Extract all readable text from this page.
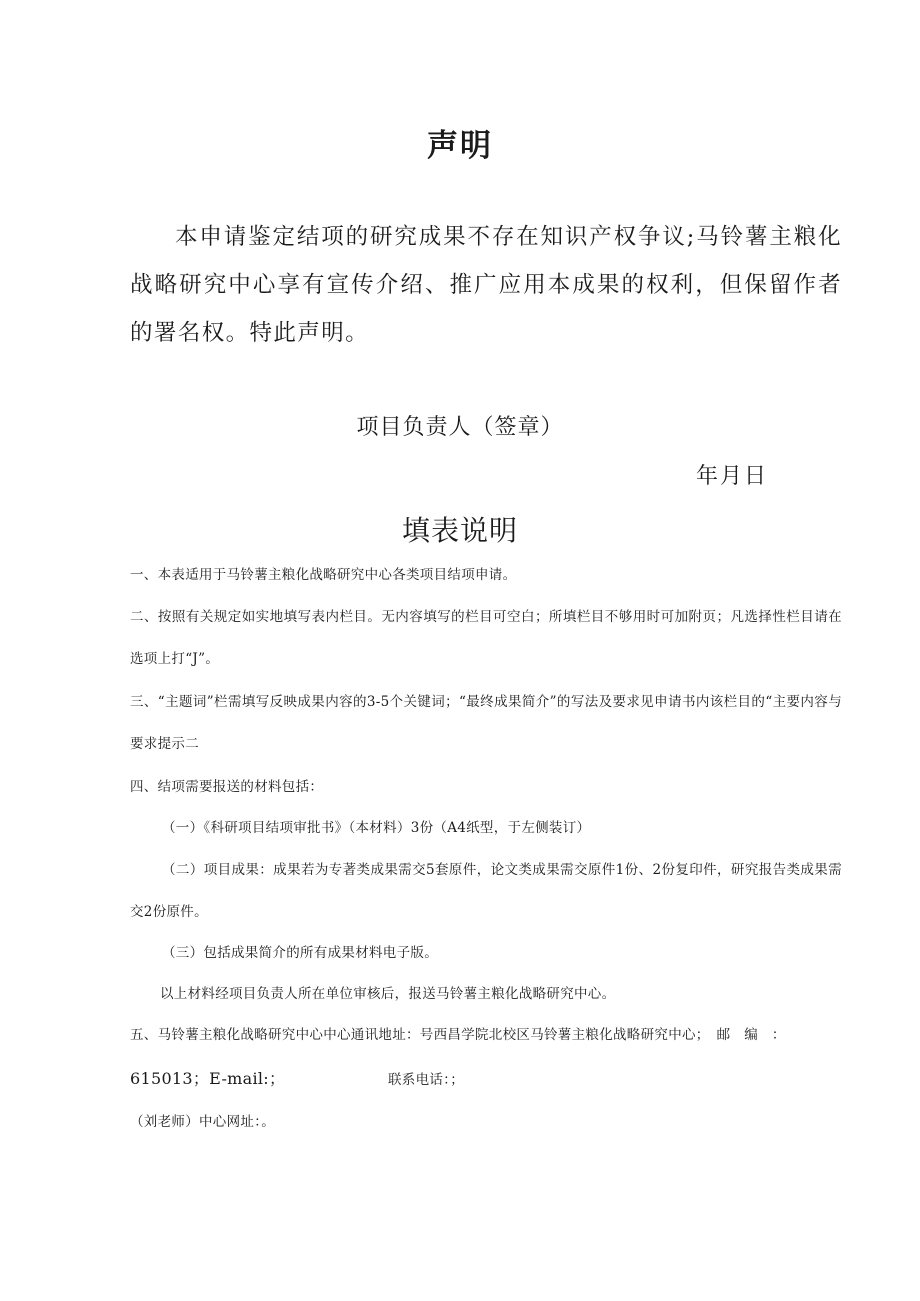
声明

本申请鉴定结项的研究成果不存在知识产权争议;马铃薯主粮化战略研究中心享有宣传介绍、推广应用本成果的权利，但保留作者的署名权。特此声明。

项目负责人（签章）
年月日
填表说明

一、本表适用于马铃薯主粮化战略研究中心各类项目结项申请。

二、按照有关规定如实地填写表内栏目。无内容填写的栏目可空白；所填栏目不够用时可加附页；凡选择性栏目请在选项上打“J”。

三、“主题词”栏需填写反映成果内容的3-5个关键词；“最终成果简介”的写法及要求见申请书内该栏目的“主要内容与要求提示二

四、结项需要报送的材料包括：

（一）《科研项目结项审批书》（本材料）3份（A4纸型，于左侧装订）

（二）项目成果：成果若为专著类成果需交5套原件，论文类成果需交原件1份、2份复印件，研究报告类成果需交2份原件。

（三）包括成果简介的所有成果材料电子版。

以上材料经项目负责人所在单位审核后，报送马铃薯主粮化战略研究中心。

五、马铃薯主粮化战略研究中心中心通讯地址：号西昌学院北校区马铃薯主粮化战略研究中心；　邮　编　：

615013；E-mail:；	联系电话：；
（刘老师）中心网址：。
